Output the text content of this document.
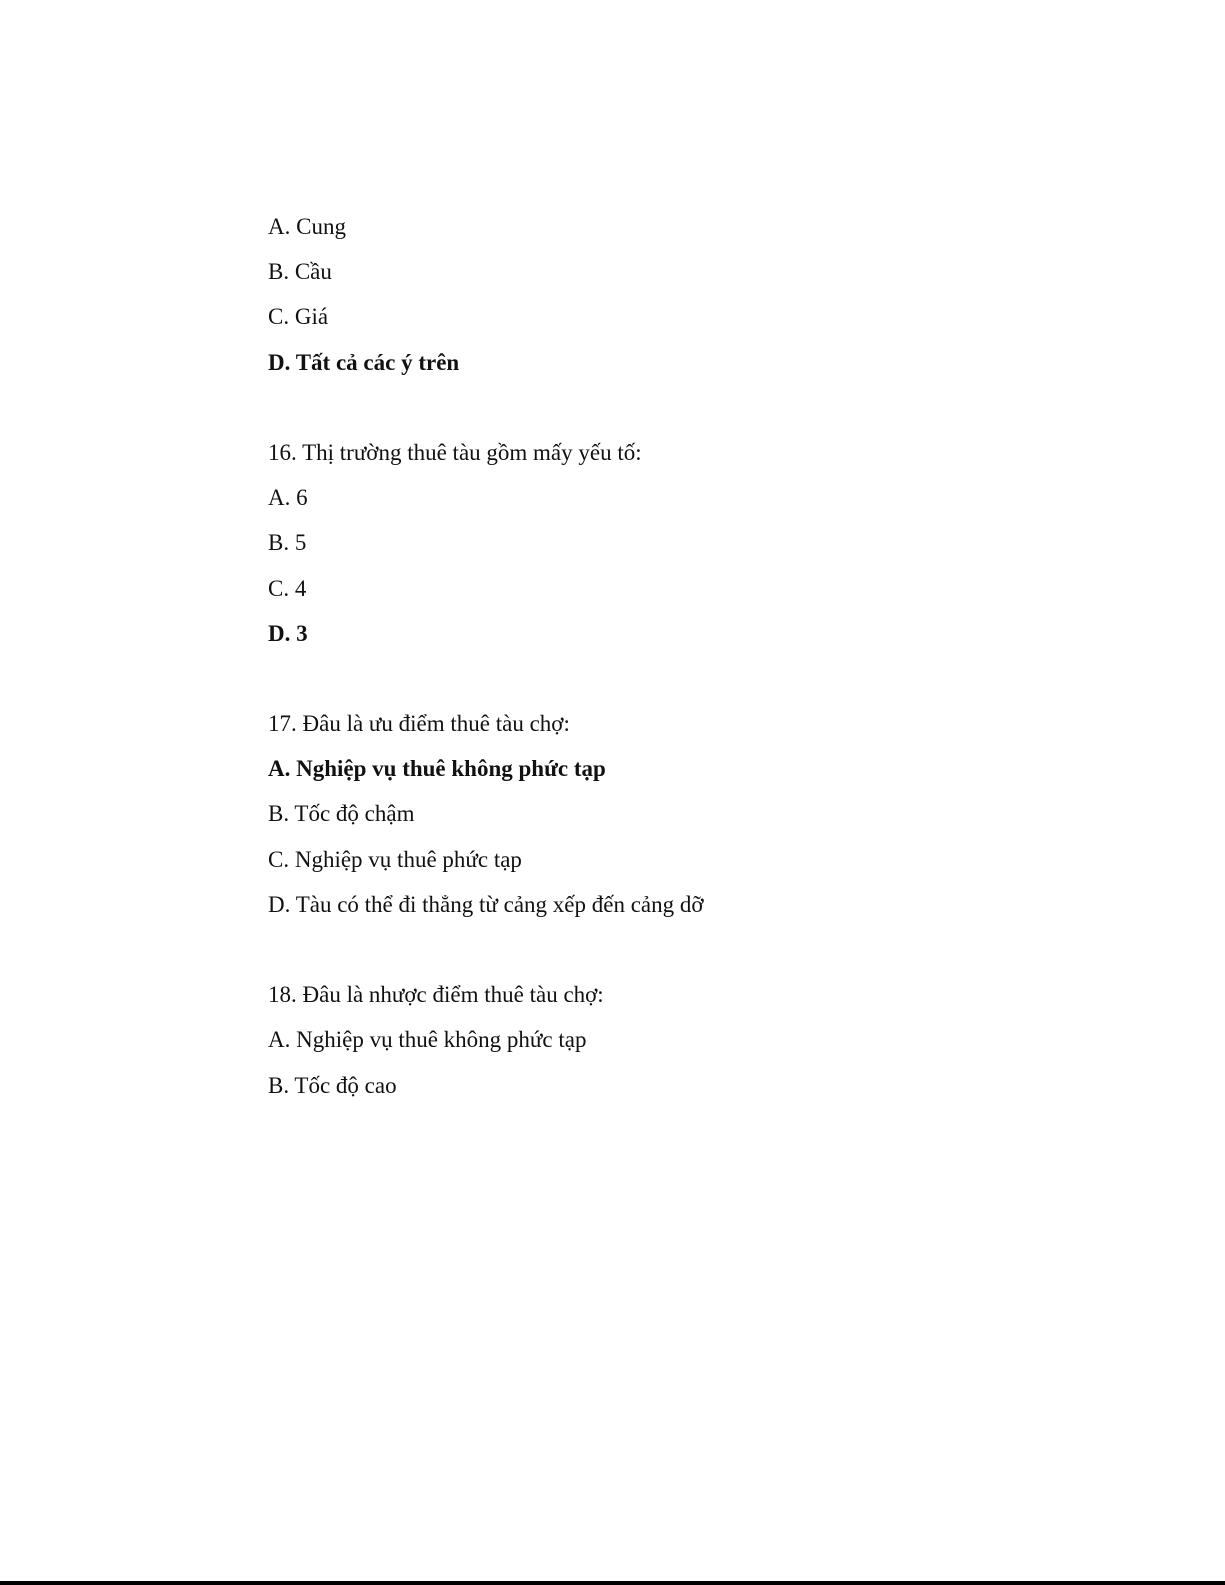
A. Cung
B. Cầu
C. Giá
D. Tất cả các ý trên
16. Thị trường thuê tàu gồm mấy yếu tố:
A. 6
B. 5
C. 4
D. 3
17. Đâu là ưu điểm thuê tàu chợ:
A. Nghiệp vụ thuê không phức tạp
B. Tốc độ chậm
C. Nghiệp vụ thuê phức tạp
D. Tàu có thể đi thẳng từ cảng xếp đến cảng dỡ
18. Đâu là nhược điểm thuê tàu chợ:
A. Nghiệp vụ thuê không phức tạp
B. Tốc độ cao
